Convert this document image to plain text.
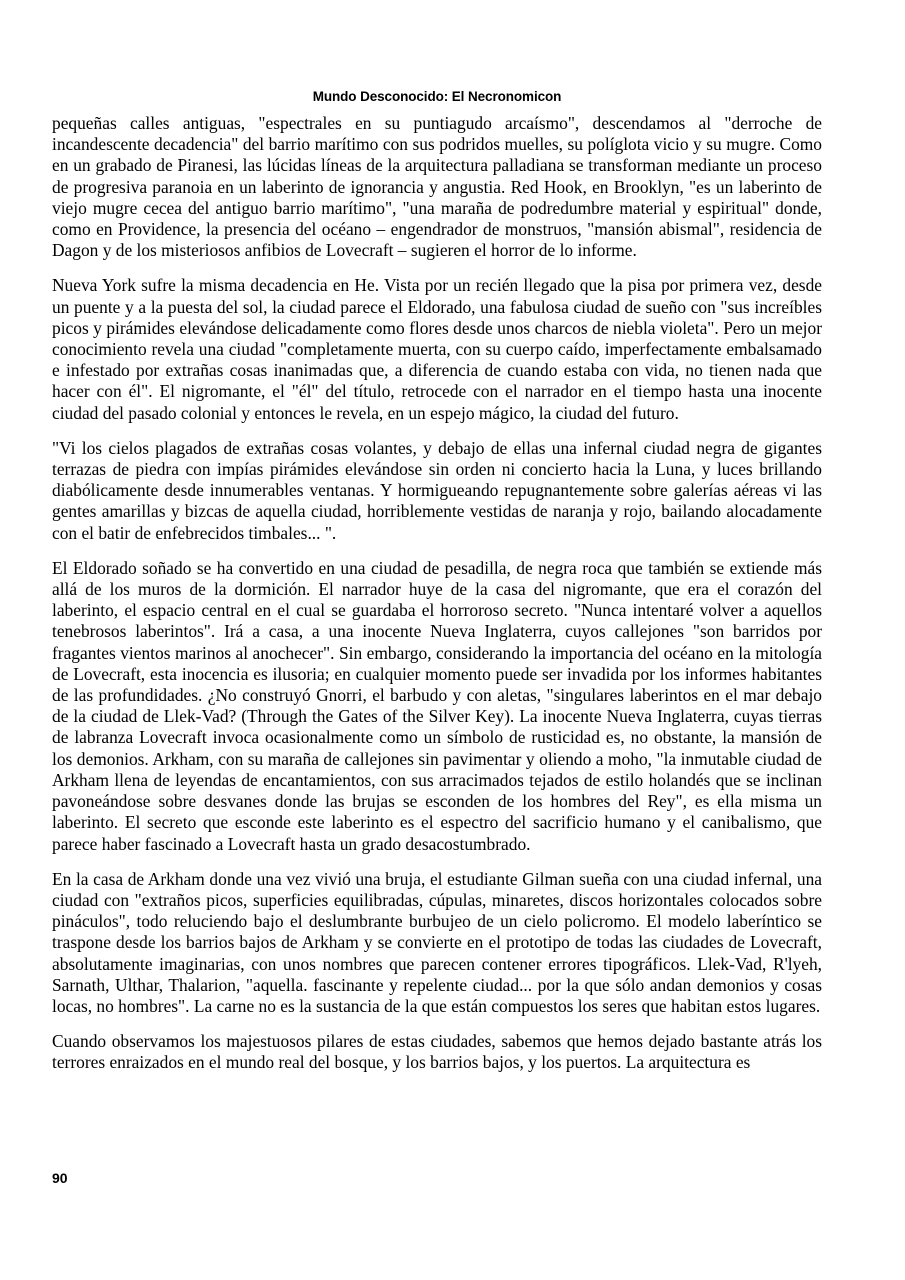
Mundo Desconocido: El Necronomicon

pequeñas calles antiguas, "espectrales en su puntiagudo arcaísmo", descendamos al "derroche de incandescente decadencia" del barrio marítimo con sus podridos muelles, su políglota vicio y su mugre. Como en un grabado de Piranesi, las lúcidas líneas de la arquitectura palladiana se transforman mediante un proceso de progresiva paranoia en un laberinto de ignorancia y angustia. Red Hook, en Brooklyn, "es un laberinto de viejo mugre cecea del antiguo barrio marítimo", "una maraña de podredumbre material y espiritual" donde, como en Providence, la presencia del océano – engendrador de monstruos, "mansión abismal", residencia de Dagon y de los misteriosos anfibios de Lovecraft – sugieren el horror de lo informe.

Nueva York sufre la misma decadencia en He. Vista por un recién llegado que la pisa por primera vez, desde un puente y a la puesta del sol, la ciudad parece el Eldorado, una fabulosa ciudad de sueño con "sus increíbles picos y pirámides elevándose delicadamente como flores desde unos charcos de niebla violeta". Pero un mejor conocimiento revela una ciudad "completamente muerta, con su cuerpo caído, imperfectamente embalsamado e infestado por extrañas cosas inanimadas que, a diferencia de cuando estaba con vida, no tienen nada que hacer con él". El nigromante, el "él" del título, retrocede con el narrador en el tiempo hasta una inocente ciudad del pasado colonial y entonces le revela, en un espejo mágico, la ciudad del futuro.

"Vi los cielos plagados de extrañas cosas volantes, y debajo de ellas una infernal ciudad negra de gigantes terrazas de piedra con impías pirámides elevándose sin orden ni concierto hacia la Luna, y luces brillando diabólicamente desde innumerables ventanas. Y hormigueando repugnantemente sobre galerías aéreas vi las gentes amarillas y bizcas de aquella ciudad, horriblemente vestidas de naranja y rojo, bailando alocadamente con el batir de enfebrecidos timbales... ".

El Eldorado soñado se ha convertido en una ciudad de pesadilla, de negra roca que también se extiende más allá de los muros de la dormición. El narrador huye de la casa del nigromante, que era el corazón del laberinto, el espacio central en el cual se guardaba el horroroso secreto. "Nunca intentaré volver a aquellos tenebrosos laberintos". Irá a casa, a una inocente Nueva Inglaterra, cuyos callejones "son barridos por fragantes vientos marinos al anochecer". Sin embargo, considerando la importancia del océano en la mitología de Lovecraft, esta inocencia es ilusoria; en cualquier momento puede ser invadida por los informes habitantes de las profundidades. ¿No construyó Gnorri, el barbudo y con aletas, "singulares laberintos en el mar debajo de la ciudad de Llek-Vad? (Through the Gates of the Silver Key). La inocente Nueva Inglaterra, cuyas tierras de labranza Lovecraft invoca ocasionalmente como un símbolo de rusticidad es, no obstante, la mansión de los demonios. Arkham, con su maraña de callejones sin pavimentar y oliendo a moho, "la inmutable ciudad de Arkham llena de leyendas de encantamientos, con sus arracimados tejados de estilo holandés que se inclinan pavoneándose sobre desvanes donde las brujas se esconden de los hombres del Rey", es ella misma un laberinto. El secreto que esconde este laberinto es el espectro del sacrificio humano y el canibalismo, que parece haber fascinado a Lovecraft hasta un grado desacostumbrado.

En la casa de Arkham donde una vez vivió una bruja, el estudiante Gilman sueña con una ciudad infernal, una ciudad con "extraños picos, superficies equilibradas, cúpulas, minaretes, discos horizontales colocados sobre pináculos", todo reluciendo bajo el deslumbrante burbujeo de un cielo policromo. El modelo laberíntico se traspone desde los barrios bajos de Arkham y se convierte en el prototipo de todas las ciudades de Lovecraft, absolutamente imaginarias, con unos nombres que parecen contener errores tipográficos. Llek-Vad, R'lyeh, Sarnath, Ulthar, Thalarion, "aquella. fascinante y repelente ciudad... por la que sólo andan demonios y cosas locas, no hombres". La carne no es la sustancia de la que están compuestos los seres que habitan estos lugares.

Cuando observamos los majestuosos pilares de estas ciudades, sabemos que hemos dejado bastante atrás los terrores enraizados en el mundo real del bosque, y los barrios bajos, y los puertos. La arquitectura es

90
